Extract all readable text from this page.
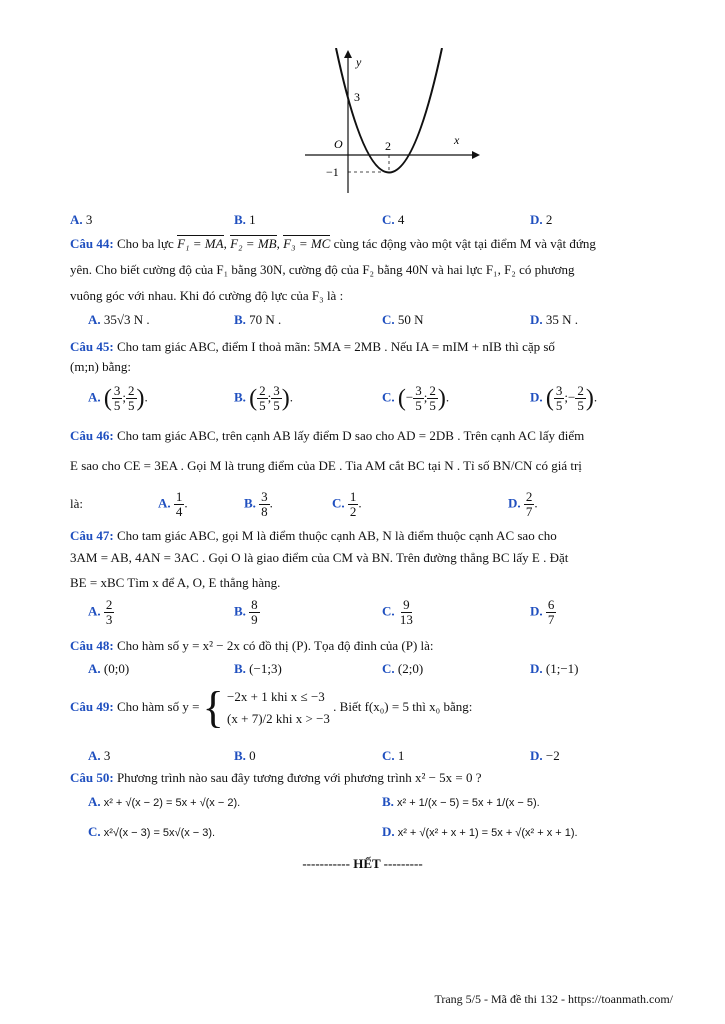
y
x
O
3
2
−1
A. 3	B. 1	C. 4	D. 2
Câu 44: Cho ba lực F₁ = MA, F₂ = MB, F₃ = MC cùng tác động vào một vật tại điểm M và vật đứng
yên. Cho biết cường độ của F₁ bằng 30N, cường độ của F₂ bằng 40N và hai lực F₁, F₂ có phương
vuông góc với nhau. Khi đó cường độ lực của F₃ là :
A. 35√3 N .	B. 70 N .	C. 50 N	D. 35 N .
Câu 45: Cho tam giác ABC, điểm I thoả mãn: 5MA = 2MB . Nếu IA = mIM + nIB thì cặp số
(m;n) bằng:
A. ( $\frac{3}{5}$ ; $\frac{2}{5}$ ).	B. ( $\frac{2}{5}$ ; $\frac{3}{5}$ ).	C. (− $\frac{3}{5}$ ; $\frac{2}{5}$ ).	D. ( $\frac{3}{5}$ ;− $\frac{2}{5}$ ).
Câu 46: Cho tam giác ABC, trên cạnh AB lấy điểm D sao cho AD = 2DB . Trên cạnh AC lấy điểm
E sao cho CE = 3EA . Gọi M là trung điểm của DE . Tia AM cắt BC tại N . Tỉ số BN/CN có giá trị
là:	A. $\frac{1}{4}$ .	B. $\frac{3}{8}$ .	C. $\frac{1}{2}$ .	D. $\frac{2}{7}$ .
Câu 47: Cho tam giác ABC, gọi M là điểm thuộc cạnh AB, N là điểm thuộc cạnh AC sao cho
3AM = AB, 4AN = 3AC . Gọi O là giao điểm của CM và BN. Trên đường thẳng BC lấy E . Đặt
BE = xBC Tìm x để A, O, E thẳng hàng.
A. $\frac{2}{3}$	B. $\frac{8}{9}$	C. $\frac{9}{13}$	D. $\frac{6}{7}$
Câu 48: Cho hàm số y = x² − 2x có đồ thị (P). Tọa độ đỉnh của (P) là:
A. (0;0)	B. (−1;3)	C. (2;0)	D. (1;−1)
Câu 49: Cho hàm số y = { −2x + 1 khi x ≤ −3
(x + 7)/2 khi x > −3 . Biết f(x₀) = 5 thì x₀ bằng:
A. 3	B. 0	C. 1	D. −2
Câu 50: Phương trình nào sau đây tương đương với phương trình x² − 5x = 0 ?
A. x² + √(x − 2) = 5x + √(x − 2).	B. x² + 1/(x − 5) = 5x + 1/(x − 5).
C. x²√(x − 3) = 5x√(x − 3).	D. x² + √(x² + x + 1) = 5x + √(x² + x + 1).
----------- HẾT ---------
Trang 5/5 - Mã đề thi 132 - https://toanmath.com/
